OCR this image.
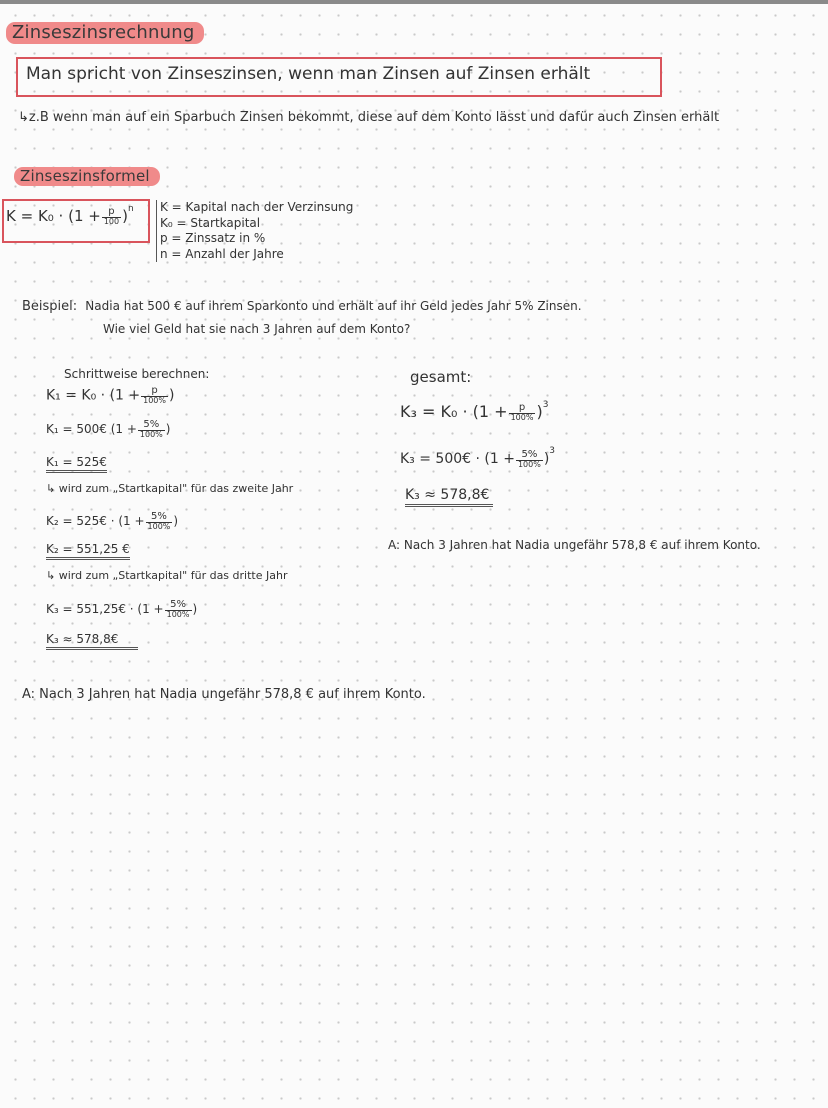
Zinseszinsrechnung
Man spricht von Zinseszinsen, wenn man Zinsen auf Zinsen erhält
↳z.B wenn man auf ein Sparbuch Zinsen bekommt, diese auf dem Konto lässt und dafür auch Zinsen erhält
Zinseszinsformel
$K = K_0 \cdot (1 + \frac{p}{100} )^n$ K = Kapital nach der Verzinsung
K₀ = Startkapital
p = Zinssatz in %
n = Anzahl der Jahre
Beispiel: Nadia hat 500 € auf ihrem Sparkonto und erhält auf ihr Geld jedes Jahr 5% Zinsen.
Wie viel Geld hat sie nach 3 Jahren auf dem Konto?
Schrittweise berechnen:
$K_1 = K_0 \cdot (1 + \frac{p}{100\%}$ )
K₁ = 500€ ($1 + \frac{5\%}{100\%}$ )
K₁ = 525€
↳ wird zum „Startkapital" für das zweite Jahr
K₂ = 525€ · ($1 + \frac{5\%}{100\%}$ )
K₂ = 551,25 €
↳ wird zum „Startkapital" für das dritte Jahr
K₃ = 551,25€ · ($1 + \frac{5\%}{100\%}$ )
K₃ ≈ 578,8€
gesamt:
$K_3 = K_0 \cdot (1 + \frac{p}{100\%} )^3$
K₃ = 500€ · $(1 + \frac{5\%}{100\%} )^3$
K₃ ≈ 578,8€
A: Nach 3 Jahren hat Nadia ungefähr 578,8 € auf ihrem Konto.
A: Nach 3 Jahren hat Nadia ungefähr 578,8 € auf ihrem Konto.
